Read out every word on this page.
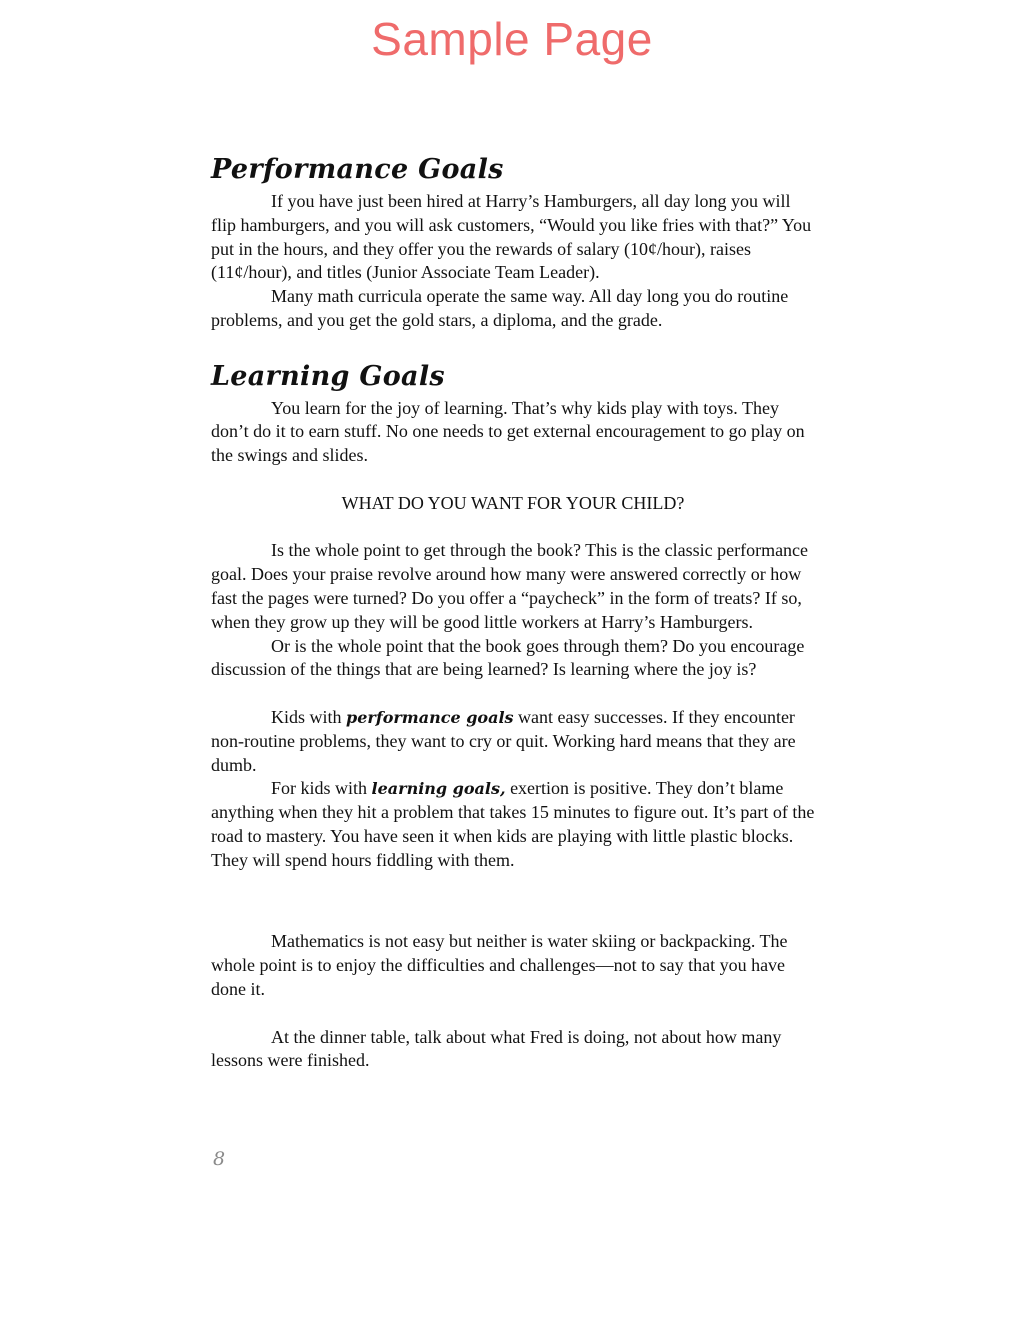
Sample Page
Performance Goals

If you have just been hired at Harry’s Hamburgers, all day long you will flip hamburgers, and you will ask customers, “Would you like fries with that?” You put in the hours, and they offer you the rewards of salary (10¢/hour), raises (11¢/hour), and titles (Junior Associate Team Leader).

Many math curricula operate the same way. All day long you do routine problems, and you get the gold stars, a diploma, and the grade.

Learning Goals

You learn for the joy of learning. That’s why kids play with toys. They don’t do it to earn stuff. No one needs to get external encouragement to go play on the swings and slides.

WHAT DO YOU WANT FOR YOUR CHILD?

Is the whole point to get through the book? This is the classic performance goal. Does your praise revolve around how many were answered correctly or how fast the pages were turned? Do you offer a “paycheck” in the form of treats? If so, when they grow up they will be good little workers at Harry’s Hamburgers.

Or is the whole point that the book goes through them? Do you encourage discussion of the things that are being learned? Is learning where the joy is?

Kids with performance goals want easy successes. If they encounter non-routine problems, they want to cry or quit. Working hard means that they are dumb.

For kids with learning goals, exertion is positive. They don’t blame anything when they hit a problem that takes 15 minutes to figure out. It’s part of the road to mastery. You have seen it when kids are playing with little plastic blocks. They will spend hours fiddling with them.

Mathematics is not easy but neither is water skiing or backpacking. The whole point is to enjoy the difficulties and challenges—not to say that you have done it.

At the dinner table, talk about what Fred is doing, not about how many lessons were finished.

8
